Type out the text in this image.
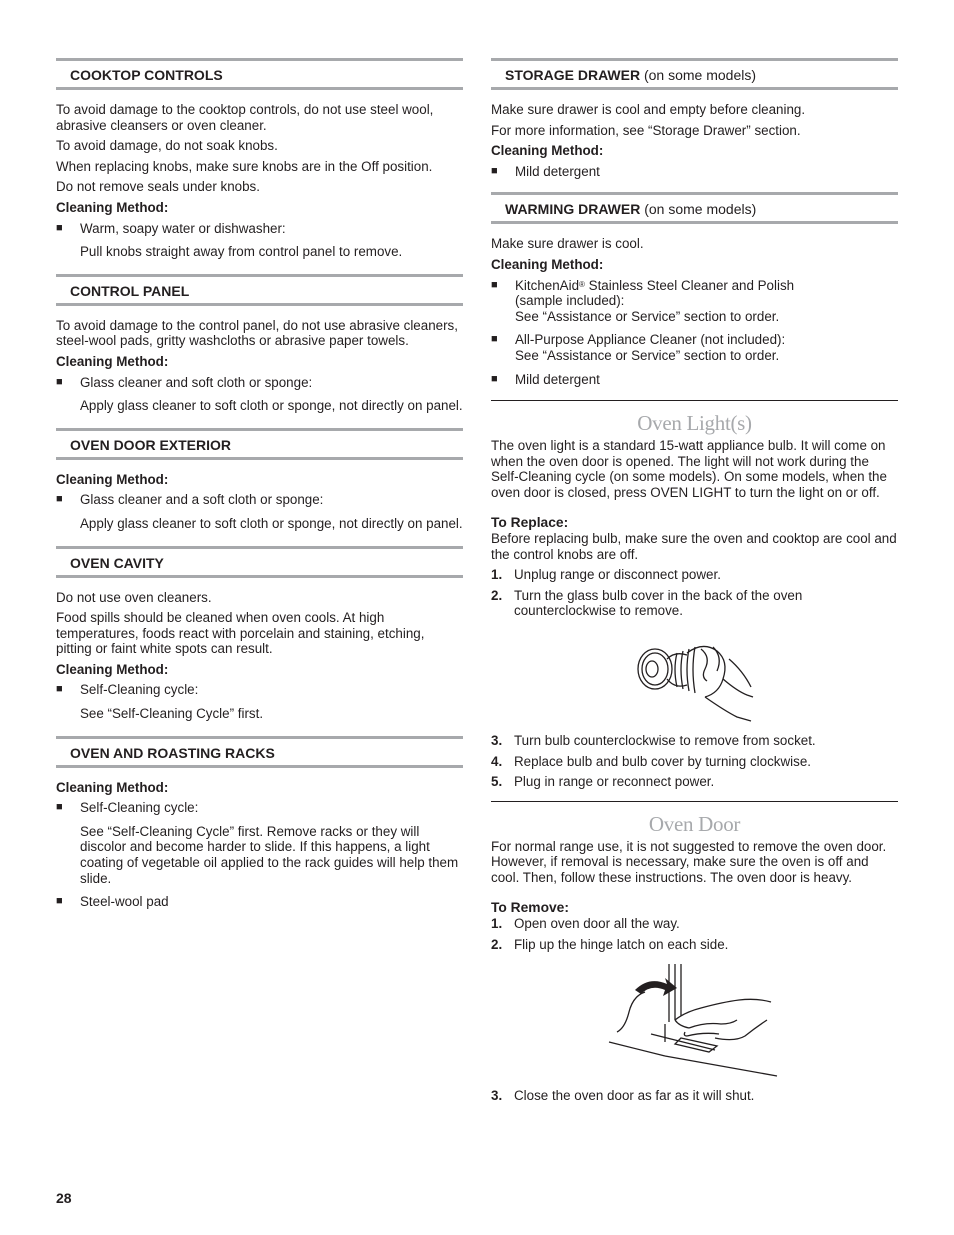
COOKTOP CONTROLS

To avoid damage to the cooktop controls, do not use steel wool, abrasive cleansers or oven cleaner.

To avoid damage, do not soak knobs.

When replacing knobs, make sure knobs are in the Off position.

Do not remove seals under knobs.

Cleaning Method:
■	Warm, soapy water or dishwasher:
Pull knobs straight away from control panel to remove.
CONTROL PANEL

To avoid damage to the control panel, do not use abrasive cleaners, steel-wool pads, gritty washcloths or abrasive paper towels.

Cleaning Method:
■	Glass cleaner and soft cloth or sponge:
Apply glass cleaner to soft cloth or sponge, not directly on panel.
OVEN DOOR EXTERIOR
Cleaning Method:
■	Glass cleaner and a soft cloth or sponge:
Apply glass cleaner to soft cloth or sponge, not directly on panel.
OVEN CAVITY

Do not use oven cleaners.

Food spills should be cleaned when oven cools. At high temperatures, foods react with porcelain and staining, etching, pitting or faint white spots can result.

Cleaning Method:
■	Self-Cleaning cycle:
See “Self-Cleaning Cycle” first.
OVEN AND ROASTING RACKS
Cleaning Method:
■	Self-Cleaning cycle:
See “Self-Cleaning Cycle” first. Remove racks or they will discolor and become harder to slide. If this happens, a light coating of vegetable oil applied to the rack guides will help them slide.
■	Steel-wool pad
STORAGE DRAWER (on some models)

Make sure drawer is cool and empty before cleaning.

For more information, see “Storage Drawer” section.

Cleaning Method:
■	Mild detergent
WARMING DRAWER (on some models)

Make sure drawer is cool.

Cleaning Method:
■	KitchenAid® Stainless Steel Cleaner and Polish
(sample included):
See “Assistance or Service” section to order.
■	All-Purpose Appliance Cleaner (not included):
See “Assistance or Service” section to order.
■	Mild detergent
Oven Light(s)

The oven light is a standard 15-watt appliance bulb. It will come on when the oven door is opened. The light will not work during the Self-Cleaning cycle (on some models). On some models, when the oven door is closed, press OVEN LIGHT to turn the light on or off.

To Replace:

Before replacing bulb, make sure the oven and cooktop are cool and the control knobs are off.

1. Unplug range or disconnect power.
2. Turn the glass bulb cover in the back of the oven counterclockwise to remove.
3. Turn bulb counterclockwise to remove from socket.
4. Replace bulb and bulb cover by turning clockwise.
5. Plug in range or reconnect power.
Oven Door

For normal range use, it is not suggested to remove the oven door. However, if removal is necessary, make sure the oven is off and cool. Then, follow these instructions. The oven door is heavy.

To Remove:
1. Open oven door all the way.
2. Flip up the hinge latch on each side.
3. Close the oven door as far as it will shut.
28
